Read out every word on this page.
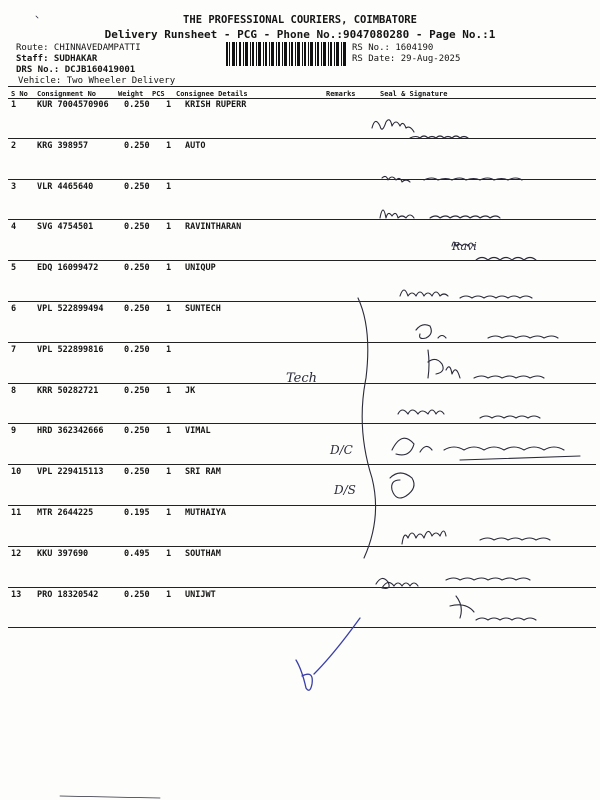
THE PROFESSIONAL COURIERS, COIMBATORE
Delivery Runsheet - PCG - Phone No.:9047080280 - Page No.:1
Route: CHINNAVEDAMPATTI
Staff: SUDHAKAR
DRS No.: DCJB160419001
Vehicle: Two Wheeler Delivery
RS No.: 1604190
RS Date: 29-Aug-2025
S No Consignment No	Weight PCS Consignee Details	Remarks	Seal & Signature
1 KUR 7004570906 0.250 1 KRISH RUPERR
2 KRG 398957	0.250 1 AUTO
3 VLR 4465640	0.250 1
4 SVG 4754501	0.250 1 RAVINTHARAN
5 EDQ 16099472	0.250 1 UNIQUP
6 VPL 522899494 0.250 1 SUNTECH
7 VPL 522899816 0.250 1
8 KRR 50282721	0.250 1 JK
9 HRD 362342666 0.250 1 VIMAL
10 VPL 229415113 0.250 1 SRI RAM
11 MTR 2644225	0.195 1 MUTHAIYA
12 KKU 397690	0.495 1 SOUTHAM
13 PRO 18320542	0.250 1 UNIJWT
Tech
D/C
D/S
Ravi
